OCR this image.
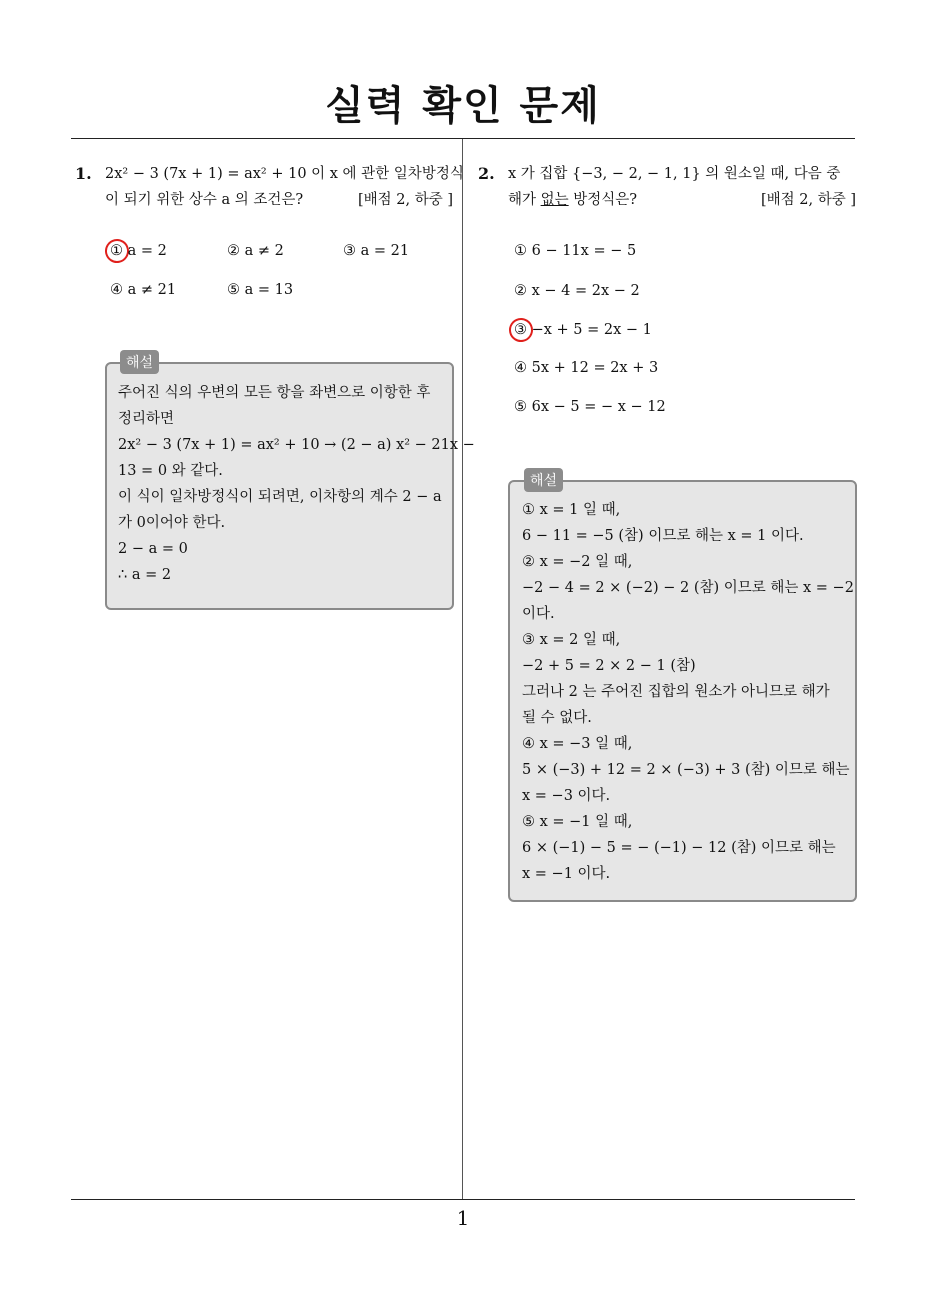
실력 확인 문제
1. 2x² − 3 (7x + 1) = ax² + 10 이 x 에 관한 일차방정식
이 되기 위한 상수 a 의 조건은?	[배점 2, 하중 ]
① a = 2	② a ≠ 2	③ a = 21
④ a ≠ 21	⑤ a = 13
해설
주어진 식의 우변의 모든 항을 좌변으로 이항한 후
정리하면
2x² − 3 (7x + 1) = ax² + 10 → (2 − a) x² − 21x −
13 = 0 와 같다.
이 식이 일차방정식이 되려면, 이차항의 계수 2 − a
가 0이어야 한다.
2 − a = 0
∴ a = 2
2. x 가 집합 {−3, − 2, − 1, 1} 의 원소일 때, 다음 중
해가 없는 방정식은?	[배점 2, 하중 ]
① 6 − 11x = − 5
② x − 4 = 2x − 2
③ −x + 5 = 2x − 1
④ 5x + 12 = 2x + 3
⑤ 6x − 5 = − x − 12
해설
① x = 1 일 때,
6 − 11 = −5 (참) 이므로 해는 x = 1 이다.
② x = −2 일 때,
−2 − 4 = 2 × (−2) − 2 (참) 이므로 해는 x = −2
이다.
③ x = 2 일 때,
−2 + 5 = 2 × 2 − 1 (참)
그러나 2 는 주어진 집합의 원소가 아니므로 해가
될 수 없다.
④ x = −3 일 때,
5 × (−3) + 12 = 2 × (−3) + 3 (참) 이므로 해는
x = −3 이다.
⑤ x = −1 일 때,
6 × (−1) − 5 = − (−1) − 12 (참) 이므로 해는
x = −1 이다.
1
